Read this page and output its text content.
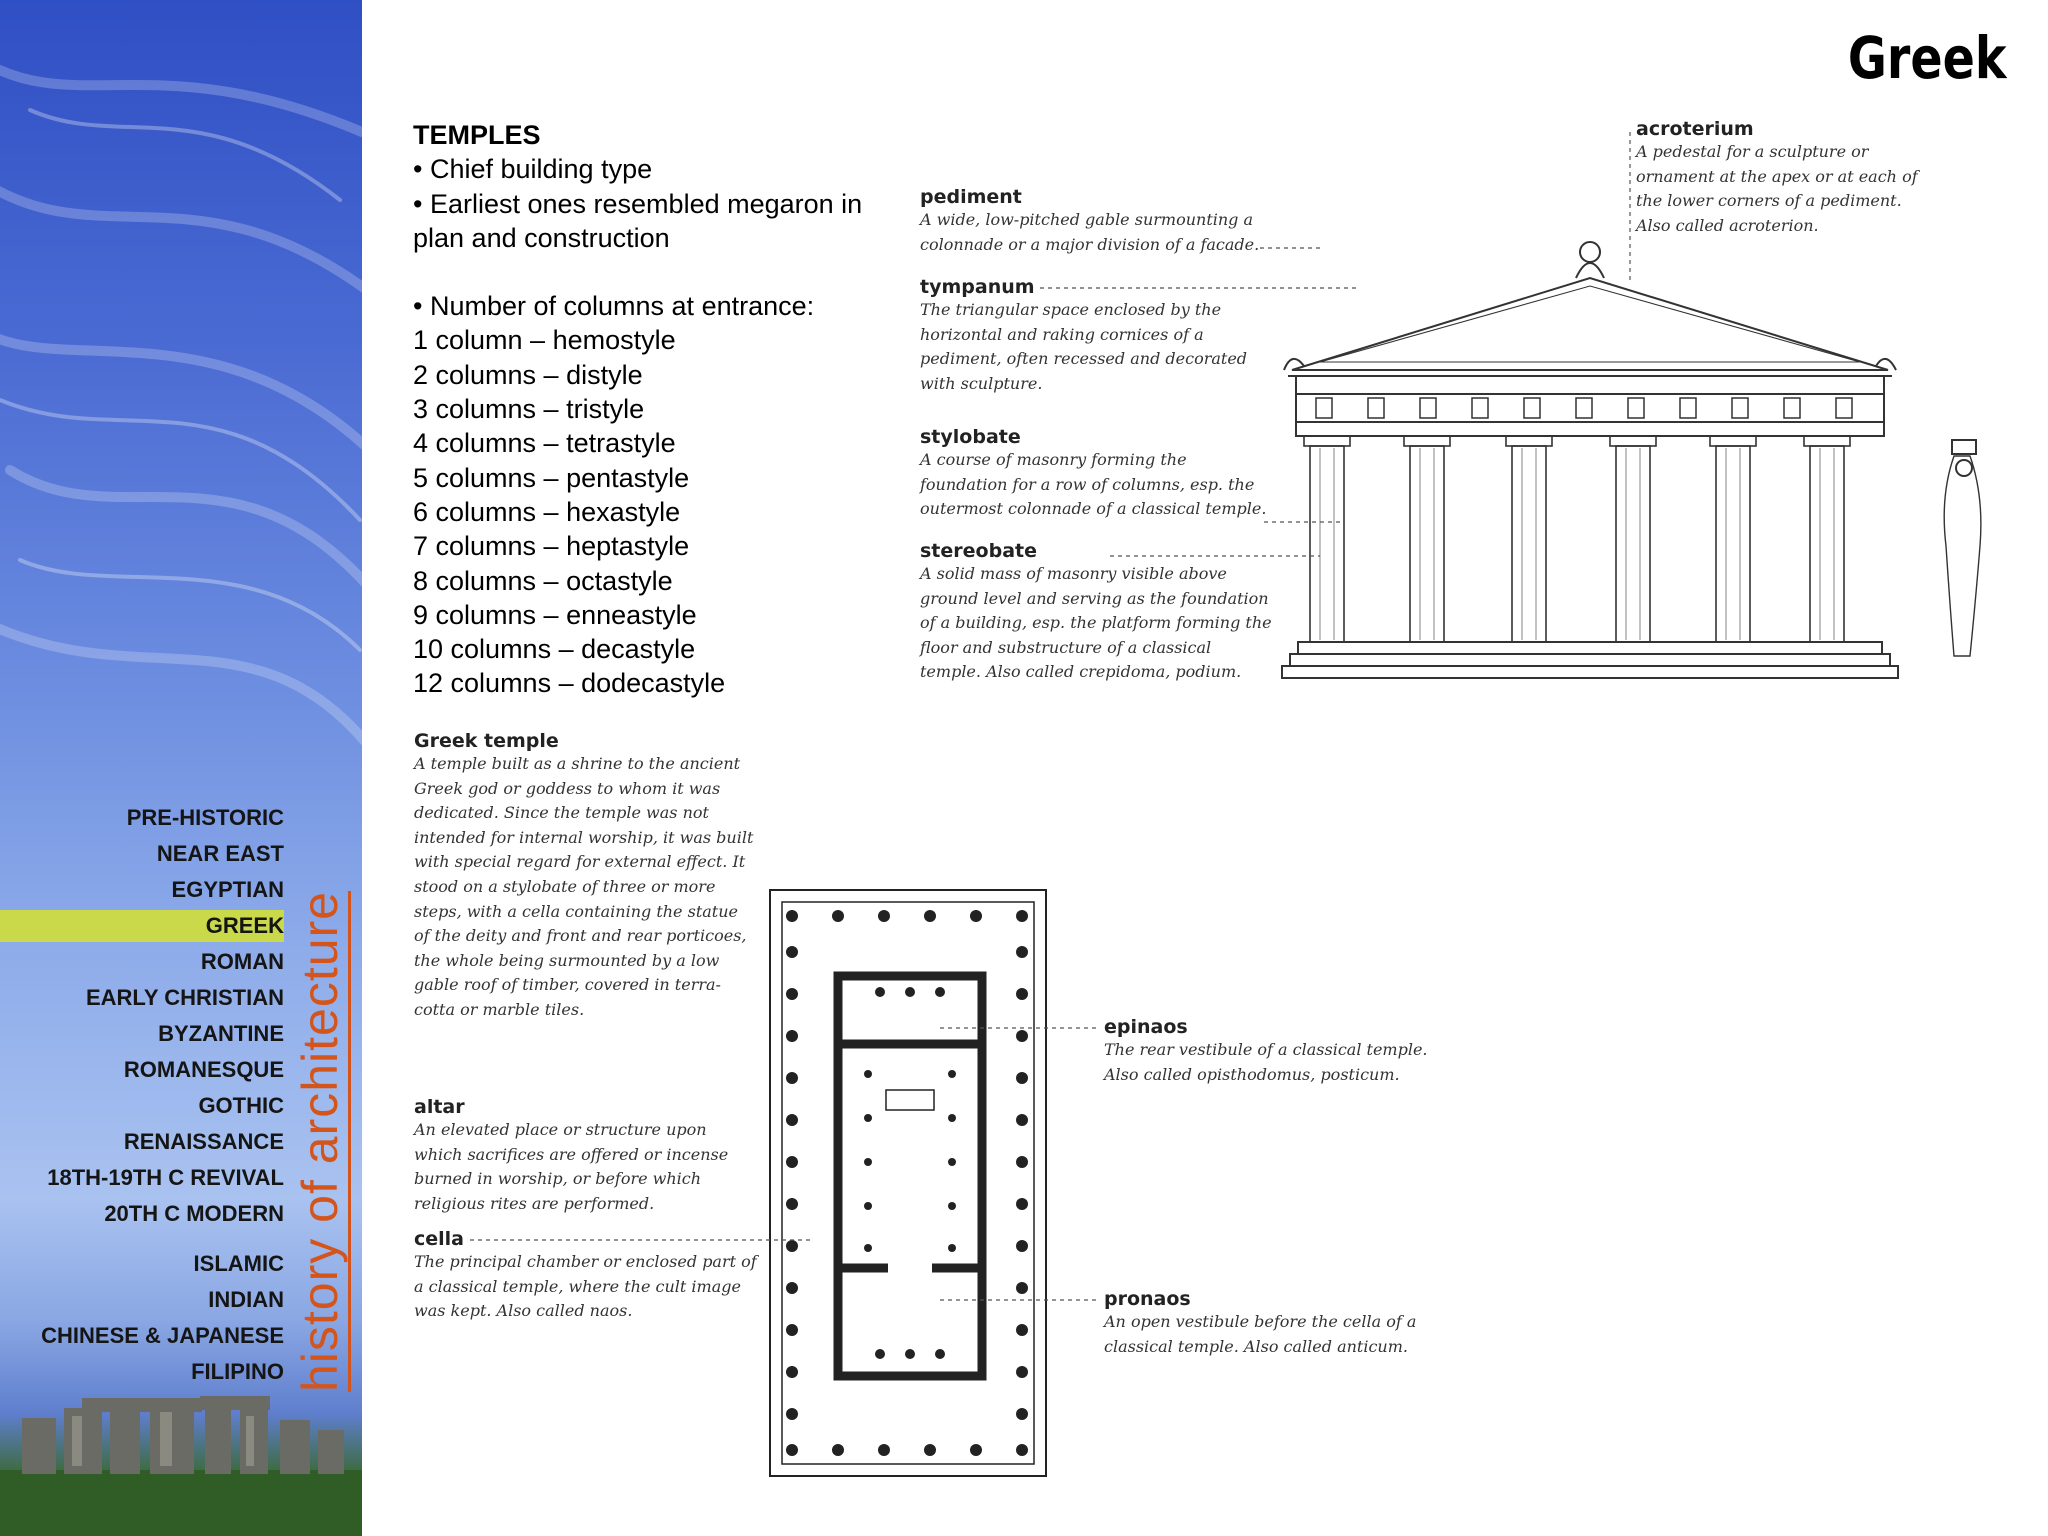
PRE-HISTORIC
NEAR EAST
EGYPTIAN
GREEK
ROMAN
EARLY CHRISTIAN
BYZANTINE
ROMANESQUE
GOTHIC
RENAISSANCE
18TH-19TH C REVIVAL
20TH C MODERN
ISLAMIC
INDIAN
CHINESE & JAPANESE
FILIPINO history of architecture
Greek
TEMPLES
• Chief building type
• Earliest ones resembled megaron in plan and construction
• Number of columns at entrance:
1 column – hemostyle
2 columns – distyle
3 columns – tristyle
4 columns – tetrastyle
5 columns – pentastyle
6 columns – hexastyle
7 columns – heptastyle
8 columns – octastyle
9 columns – enneastyle
10 columns – decastyle
12 columns – dodecastyle
pediment
A wide, low-pitched gable surmounting a
colonnade or a major division of a facade.
tympanum
The triangular space enclosed by the
horizontal and raking cornices of a
pediment, often recessed and decorated
with sculpture.
stylobate
A course of masonry forming the
foundation for a row of columns, esp. the
outermost colonnade of a classical temple.
stereobate
A solid mass of masonry visible above
ground level and serving as the foundation
of a building, esp. the platform forming the
floor and substructure of a classical
temple. Also called crepidoma, podium.
acroterium
A pedestal for a sculpture or
ornament at the apex or at each of
the lower corners of a pediment.
Also called acroterion.
Greek temple
A temple built as a shrine to the ancient
Greek god or goddess to whom it was
dedicated. Since the temple was not
intended for internal worship, it was built
with special regard for external effect. It
stood on a stylobate of three or more
steps, with a cella containing the statue
of the deity and front and rear porticoes,
the whole being surmounted by a low
gable roof of timber, covered in terra-
cotta or marble tiles.
altar
An elevated place or structure upon
which sacrifices are offered or incense
burned in worship, or before which
religious rites are performed.
cella
The principal chamber or enclosed part of
a classical temple, where the cult image
was kept. Also called naos.
epinaos
The rear vestibule of a classical temple.
Also called opisthodomus, posticum.
pronaos
An open vestibule before the cella of a
classical temple. Also called anticum.
